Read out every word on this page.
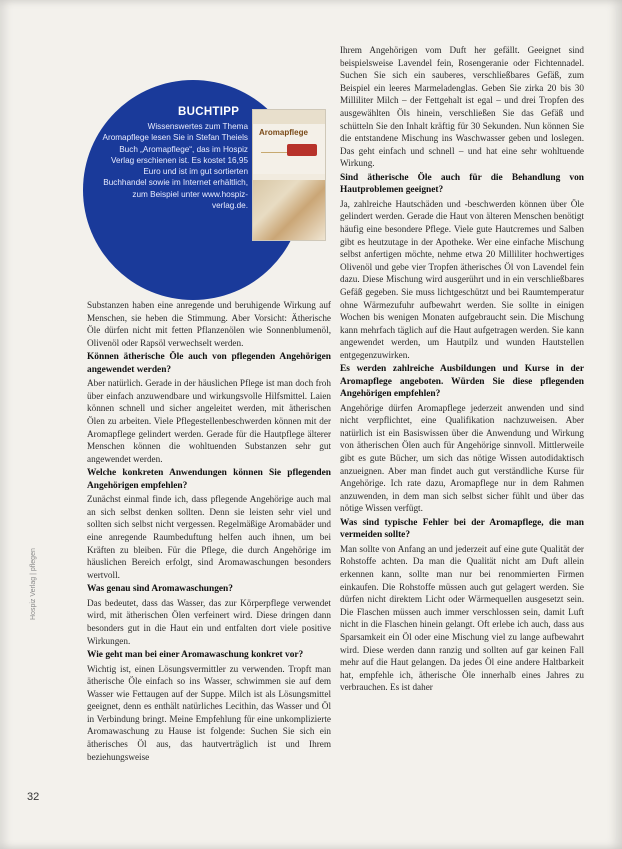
BUCHTIPP
Wissenswertes zum Thema Aromapflege lesen Sie in Stefan Theiels Buch „Aromapflege“, das im Hospiz Verlag erschienen ist. Es kostet 16,95 Euro und ist im gut sortierten Buchhandel sowie im Internet erhältlich, zum Beispiel unter www.hospiz-verlag.de.
Aromapflege

Substanzen haben eine anregende und beruhigende Wirkung auf Menschen, sie heben die Stimmung. Aber Vorsicht: Ätherische Öle dürfen nicht mit fetten Pflanzenölen wie Sonnenblumenöl, Olivenöl oder Rapsöl verwechselt werden.

Können ätherische Öle auch von pflegenden Angehörigen angewendet werden?

Aber natürlich. Gerade in der häuslichen Pflege ist man doch froh über einfach anzuwendbare und wirkungsvolle Hilfsmittel. Laien können schnell und sicher angeleitet werden, mit ätherischen Ölen zu arbeiten. Viele Pflegestellenbeschwerden können mit der Aromapflege gelindert werden. Gerade für die Hautpflege älterer Menschen können die wohltuenden Substanzen sehr gut angewendet werden.

Welche konkreten Anwendungen können Sie pflegenden Angehörigen empfehlen?

Zunächst einmal finde ich, dass pflegende Angehörige auch mal an sich selbst denken sollten. Denn sie leisten sehr viel und sollten sich selbst nicht vergessen. Regelmäßige Aromabäder und eine anregende Raumbeduftung helfen auch ihnen, um bei Kräften zu bleiben. Für die Pflege, die durch Angehörige im häuslichen Bereich erfolgt, sind Aromawaschungen besonders wertvoll.

Was genau sind Aromawaschungen?

Das bedeutet, dass das Wasser, das zur Körperpflege verwendet wird, mit ätherischen Ölen verfeinert wird. Diese dringen dann besonders gut in die Haut ein und entfalten dort viele positive Wirkungen.

Wie geht man bei einer Aromawaschung konkret vor?

Wichtig ist, einen Lösungsvermittler zu verwenden. Tropft man ätherische Öle einfach so ins Wasser, schwimmen sie auf dem Wasser wie Fettaugen auf der Suppe. Milch ist als Lösungsmittel geeignet, denn es enthält natürliches Lecithin, das Wasser und Öl in Verbindung bringt. Meine Empfehlung für eine unkomplizierte Aromawaschung zu Hause ist folgende: Suchen Sie sich ein ätherisches Öl aus, das hautverträglich ist und Ihrem beziehungsweise

Ihrem Angehörigen vom Duft her gefällt. Geeignet sind beispielsweise Lavendel fein, Rosengeranie oder Fichtennadel. Suchen Sie sich ein sauberes, verschließbares Gefäß, zum Beispiel ein leeres Marmeladenglas. Geben Sie zirka 20 bis 30 Milliliter Milch – der Fettgehalt ist egal – und drei Tropfen des ausgewählten Öls hinein, verschließen Sie das Gefäß und schütteln Sie den Inhalt kräftig für 30 Sekunden. Nun können Sie die entstandene Mischung ins Waschwasser geben und loslegen. Das geht einfach und schnell – und hat eine sehr wohltuende Wirkung.

Sind ätherische Öle auch für die Behandlung von Hautproblemen geeignet?

Ja, zahlreiche Hautschäden und -beschwerden können über Öle gelindert werden. Gerade die Haut von älteren Menschen benötigt häufig eine besondere Pflege. Viele gute Hautcremes und Salben gibt es heutzutage in der Apotheke. Wer eine einfache Mischung selbst anfertigen möchte, nehme etwa 20 Milliliter hochwertiges Olivenöl und gebe vier Tropfen ätherisches Öl von Lavendel fein dazu. Diese Mischung wird ausgerührt und in ein verschließbares Gefäß gegeben. Sie muss lichtgeschützt und bei Raumtemperatur ohne Wärmezufuhr aufbewahrt werden. Sie sollte in einigen Wochen bis wenigen Monaten aufgebraucht sein. Die Mischung kann mehrfach täglich auf die Haut aufgetragen werden. Sie kann angewendet werden, um Hautpilz und wunden Hautstellen entgegenzuwirken.

Es werden zahlreiche Ausbildungen und Kurse in der Aromapflege angeboten. Würden Sie diese pflegenden Angehörigen empfehlen?

Angehörige dürfen Aromapflege jederzeit anwenden und sind nicht verpflichtet, eine Qualifikation nachzuweisen. Aber natürlich ist ein Basiswissen über die Anwendung und Wirkung von ätherischen Ölen auch für Angehörige sinnvoll. Mittlerweile gibt es gute Bücher, um sich das nötige Wissen autodidaktisch anzueignen. Aber man findet auch gut verständliche Kurse für Angehörige. Ich rate dazu, Aromapflege nur in dem Rahmen anzuwenden, in dem man sich selbst sicher fühlt und über das nötige Wissen verfügt.

Was sind typische Fehler bei der Aromapflege, die man vermeiden sollte?

Man sollte von Anfang an und jederzeit auf eine gute Qualität der Rohstoffe achten. Da man die Qualität nicht am Duft allein erkennen kann, sollte man nur bei renommierten Firmen einkaufen. Die Rohstoffe müssen auch gut gelagert werden. Sie dürfen nicht direktem Licht oder Wärmequellen ausgesetzt sein. Die Flaschen müssen auch immer verschlossen sein, damit Luft nicht in die Flaschen hinein gelangt. Oft erlebe ich auch, dass aus Sparsamkeit ein Öl oder eine Mischung viel zu lange aufbewahrt wird. Diese werden dann ranzig und sollten auf gar keinen Fall mehr auf die Haut gelangen. Da jedes Öl eine andere Haltbarkeit hat, empfehle ich, ätherische Öle innerhalb eines Jahres zu verbrauchen. Es ist daher

Hospiz Verlag | pflegen
32
